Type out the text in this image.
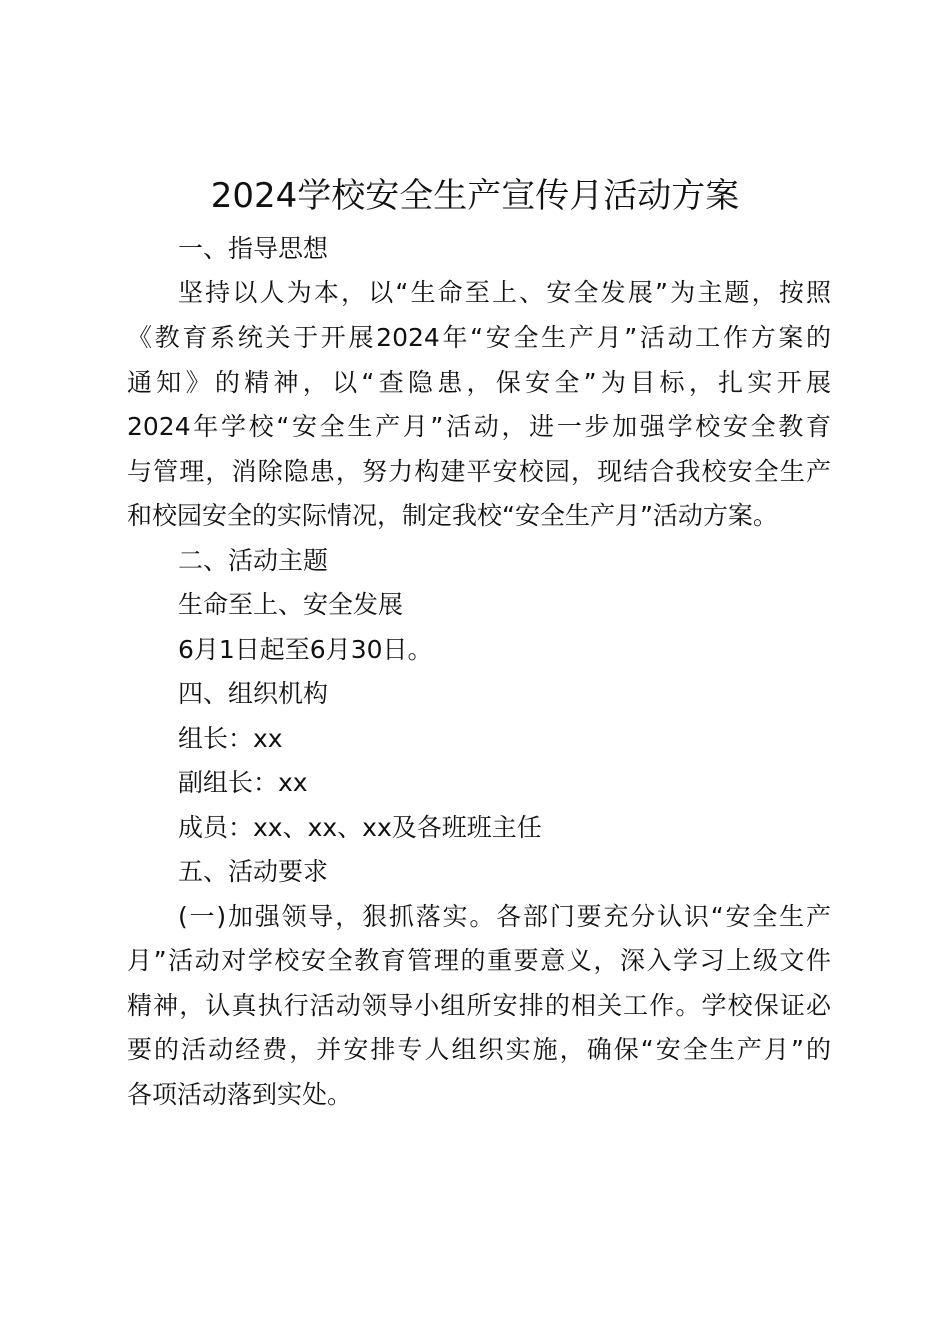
2024学校安全生产宣传月活动方案
一、指导思想
坚持以人为本，以“生命至上、安全发展”为主题，按照
《教育系统关于开展2024年“安全生产月”活动工作方案的
通知》的精神，以“查隐患，保安全”为目标，扎实开展
2024年学校“安全生产月”活动，进一步加强学校安全教育
与管理，消除隐患，努力构建平安校园，现结合我校安全生产
和校园安全的实际情况，制定我校“安全生产月”活动方案。
二、活动主题
生命至上、安全发展
6月1日起至6月30日。
四、组织机构
组长：xx
副组长：xx
成员：xx、xx、xx及各班班主任
五、活动要求
(一)加强领导，狠抓落实。各部门要充分认识“安全生产
月”活动对学校安全教育管理的重要意义，深入学习上级文件
精神，认真执行活动领导小组所安排的相关工作。学校保证必
要的活动经费，并安排专人组织实施，确保“安全生产月”的
各项活动落到实处。
